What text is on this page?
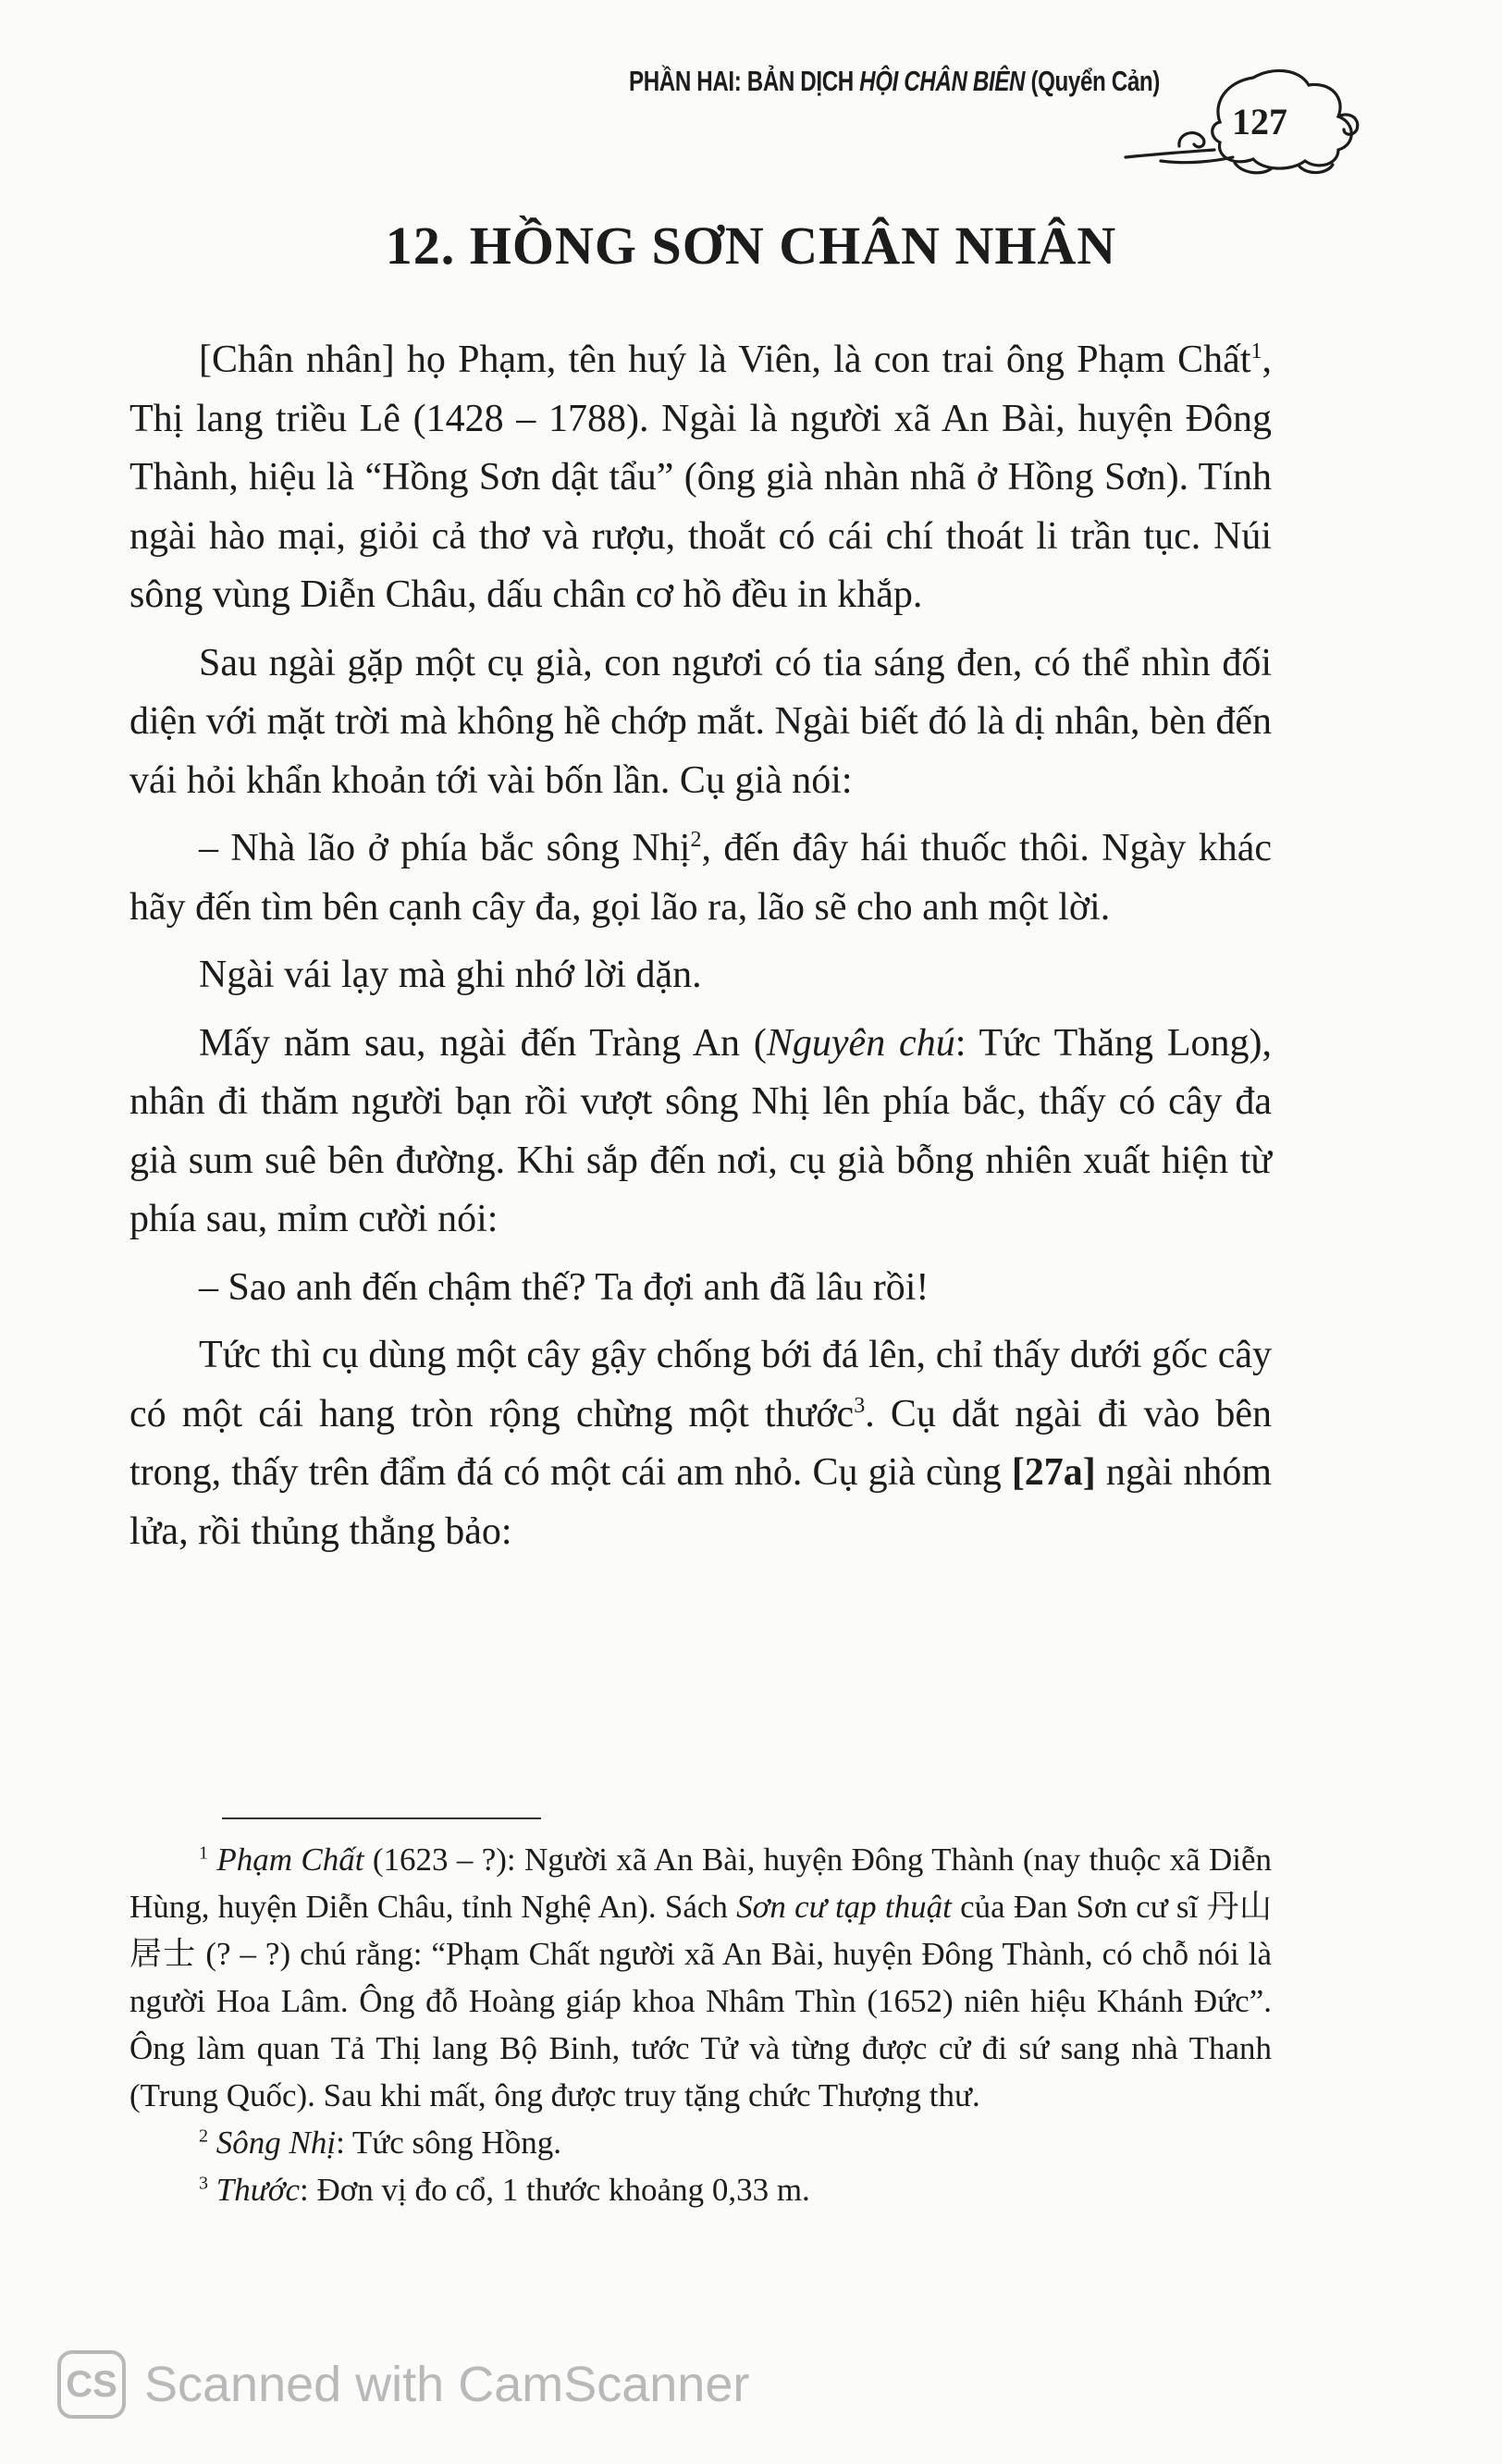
PHẦN HAI: BẢN DỊCH HỘI CHÂN BIÊN (Quyển Cản)
127
12. HỒNG SƠN CHÂN NHÂN

[Chân nhân] họ Phạm, tên huý là Viên, là con trai ông Phạm Chất$^1$, Thị lang triều Lê (1428 – 1788). Ngài là người xã An Bài, huyện Đông Thành, hiệu là “Hồng Sơn dật tẩu” (ông già nhàn nhã ở Hồng Sơn). Tính ngài hào mại, giỏi cả thơ và rượu, thoắt có cái chí thoát li trần tục. Núi sông vùng Diễn Châu, dấu chân cơ hồ đều in khắp.

Sau ngài gặp một cụ già, con ngươi có tia sáng đen, có thể nhìn đối diện với mặt trời mà không hề chớp mắt. Ngài biết đó là dị nhân, bèn đến vái hỏi khẩn khoản tới vài bốn lần. Cụ già nói:

– Nhà lão ở phía bắc sông Nhị$^2$, đến đây hái thuốc thôi. Ngày khác hãy đến tìm bên cạnh cây đa, gọi lão ra, lão sẽ cho anh một lời.

Ngài vái lạy mà ghi nhớ lời dặn.

Mấy năm sau, ngài đến Tràng An (Nguyên chú: Tức Thăng Long), nhân đi thăm người bạn rồi vượt sông Nhị lên phía bắc, thấy có cây đa già sum suê bên đường. Khi sắp đến nơi, cụ già bỗng nhiên xuất hiện từ phía sau, mỉm cười nói:

– Sao anh đến chậm thế? Ta đợi anh đã lâu rồi!

Tức thì cụ dùng một cây gậy chống bới đá lên, chỉ thấy dưới gốc cây có một cái hang tròn rộng chừng một thước$^3$. Cụ dắt ngài đi vào bên trong, thấy trên đẩm đá có một cái am nhỏ. Cụ già cùng [27a] ngài nhóm lửa, rồi thủng thẳng bảo:

$^1$ Phạm Chất (1623 – ?): Người xã An Bài, huyện Đông Thành (nay thuộc xã Diễn Hùng, huyện Diễn Châu, tỉnh Nghệ An). Sách Sơn cư tạp thuật của Đan Sơn cư sĩ 丹山居士 (? – ?) chú rằng: “Phạm Chất người xã An Bài, huyện Đông Thành, có chỗ nói là người Hoa Lâm. Ông đỗ Hoàng giáp khoa Nhâm Thìn (1652) niên hiệu Khánh Đức”. Ông làm quan Tả Thị lang Bộ Binh, tước Tử và từng được cử đi sứ sang nhà Thanh (Trung Quốc). Sau khi mất, ông được truy tặng chức Thượng thư.

$^2$ Sông Nhị: Tức sông Hồng.

$^3$ Thước: Đơn vị đo cổ, 1 thước khoảng 0,33 m.

CS Scanned with CamScanner
